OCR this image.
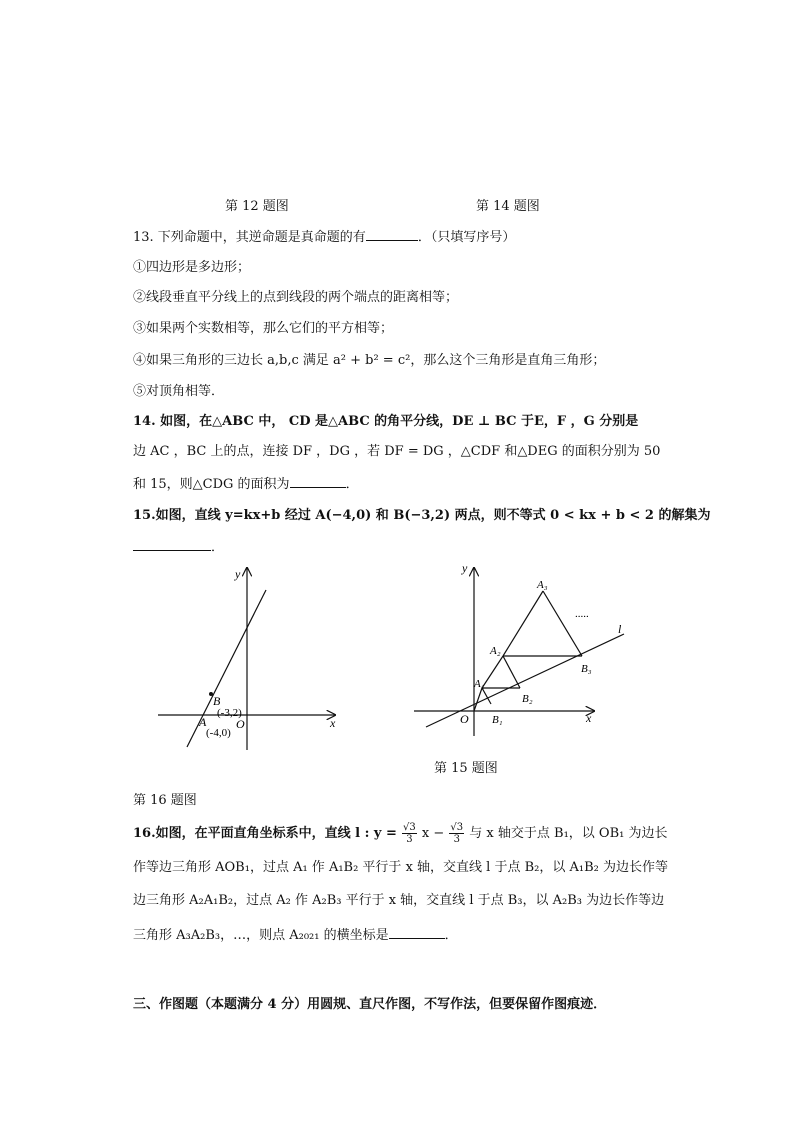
第 12 题图	第 14 题图
13. 下列命题中，其逆命题是真命题的有	．（只填写序号）
①四边形是多边形；
②线段垂直平分线上的点到线段的两个端点的距离相等；
③如果两个实数相等，那么它们的平方相等；
④如果三角形的三边长 a,b,c 满足 a² + b² = c²，那么这个三角形是直角三角形；
⑤对顶角相等．
14. 如图，在△ABC 中， CD 是△ABC 的角平分线，DE ⊥ BC 于E，F ，G 分别是
边 AC ，BC 上的点，连接 DF ，DG ，若 DF = DG ，△CDF 和△DEG 的面积分别为 50
和 15，则△CDG 的面积为	．
15.如图，直线 y=kx+b 经过 A(−4,0) 和 B(−3,2) 两点，则不等式 0 < kx + b < 2 的解集为
．
x
y
O
B
(-3,2)
A
(-4,0)
x
y
O
l
.....
A₁
A₂
A₃
B₁
B₂
B₃
第 15 题图
第 16 题图
16.如图，在平面直角坐标系中，直线 l : $y = \frac{√3}{3}$ $x - \frac{√3}{3}$ 与 x 轴交于点 B₁，以 OB₁ 为边长
作等边三角形 AOB₁，过点 A₁ 作 A₁B₂ 平行于 x 轴，交直线 l 于点 B₂，以 A₁B₂ 为边长作等
边三角形 A₂A₁B₂，过点 A₂ 作 A₂B₃ 平行于 x 轴，交直线 l 于点 B₃，以 A₂B₃ 为边长作等边
三角形 A₃A₂B₃，…，则点 A₂₀₂₁ 的横坐标是	．
三、作图题（本题满分 4 分）用圆规、直尺作图，不写作法，但要保留作图痕迹．
